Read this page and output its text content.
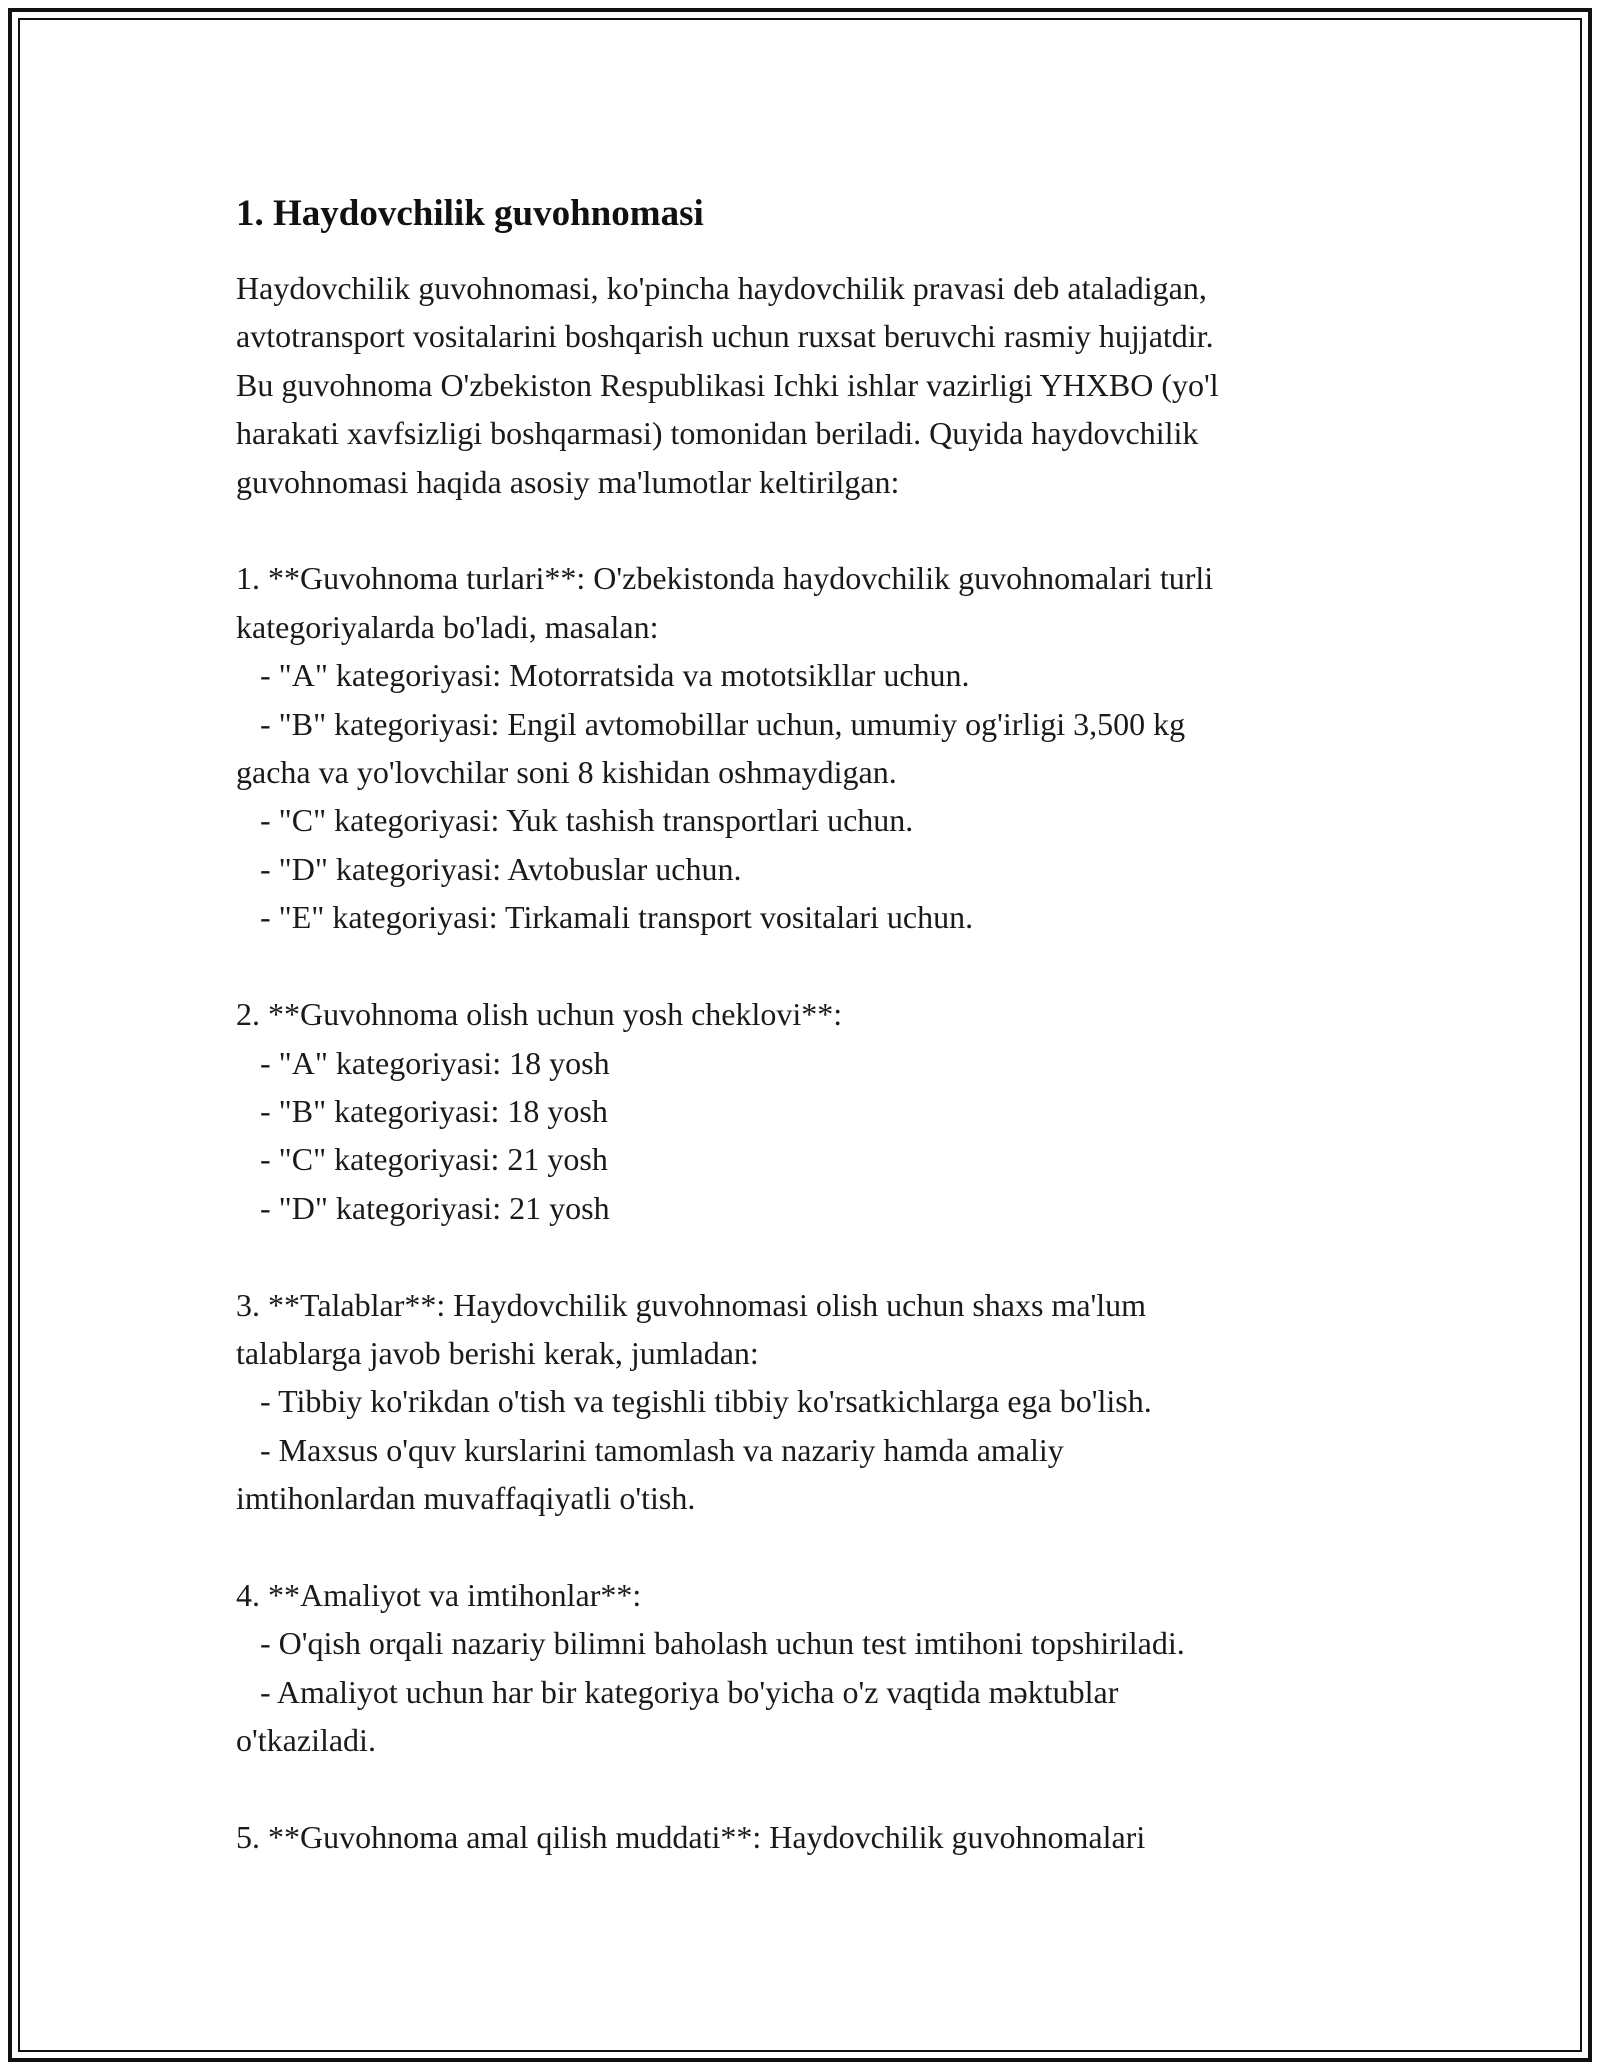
1. Haydovchilik guvohnomasi

Haydovchilik guvohnomasi, ko'pincha haydovchilik pravasi deb ataladigan,
avtotransport vositalarini boshqarish uchun ruxsat beruvchi rasmiy hujjatdir.
Bu guvohnoma O'zbekiston Respublikasi Ichki ishlar vazirligi YHXBO (yo'l
harakati xavfsizligi boshqarmasi) tomonidan beriladi. Quyida haydovchilik
guvohnomasi haqida asosiy ma'lumotlar keltirilgan:

1. **Guvohnoma turlari**: O'zbekistonda haydovchilik guvohnomalari turli
kategoriyalarda bo'ladi, masalan:
- "A" kategoriyasi: Motorratsida va mototsikllar uchun.
- "B" kategoriyasi: Engil avtomobillar uchun, umumiy og'irligi 3,500 kg
gacha va yo'lovchilar soni 8 kishidan oshmaydigan.
- "C" kategoriyasi: Yuk tashish transportlari uchun.
- "D" kategoriyasi: Avtobuslar uchun.
- "E" kategoriyasi: Tirkamali transport vositalari uchun.

2. **Guvohnoma olish uchun yosh cheklovi**:
- "A" kategoriyasi: 18 yosh
- "B" kategoriyasi: 18 yosh
- "C" kategoriyasi: 21 yosh
- "D" kategoriyasi: 21 yosh

3. **Talablar**: Haydovchilik guvohnomasi olish uchun shaxs ma'lum
talablarga javob berishi kerak, jumladan:
- Tibbiy ko'rikdan o'tish va tegishli tibbiy ko'rsatkichlarga ega bo'lish.
- Maxsus o'quv kurslarini tamomlash va nazariy hamda amaliy
imtihonlardan muvaffaqiyatli o'tish.

4. **Amaliyot va imtihonlar**:
- O'qish orqali nazariy bilimni baholash uchun test imtihoni topshiriladi.
- Amaliyot uchun har bir kategoriya bo'yicha o'z vaqtida məktublar
o'tkaziladi.

5. **Guvohnoma amal qilish muddati**: Haydovchilik guvohnomalari
